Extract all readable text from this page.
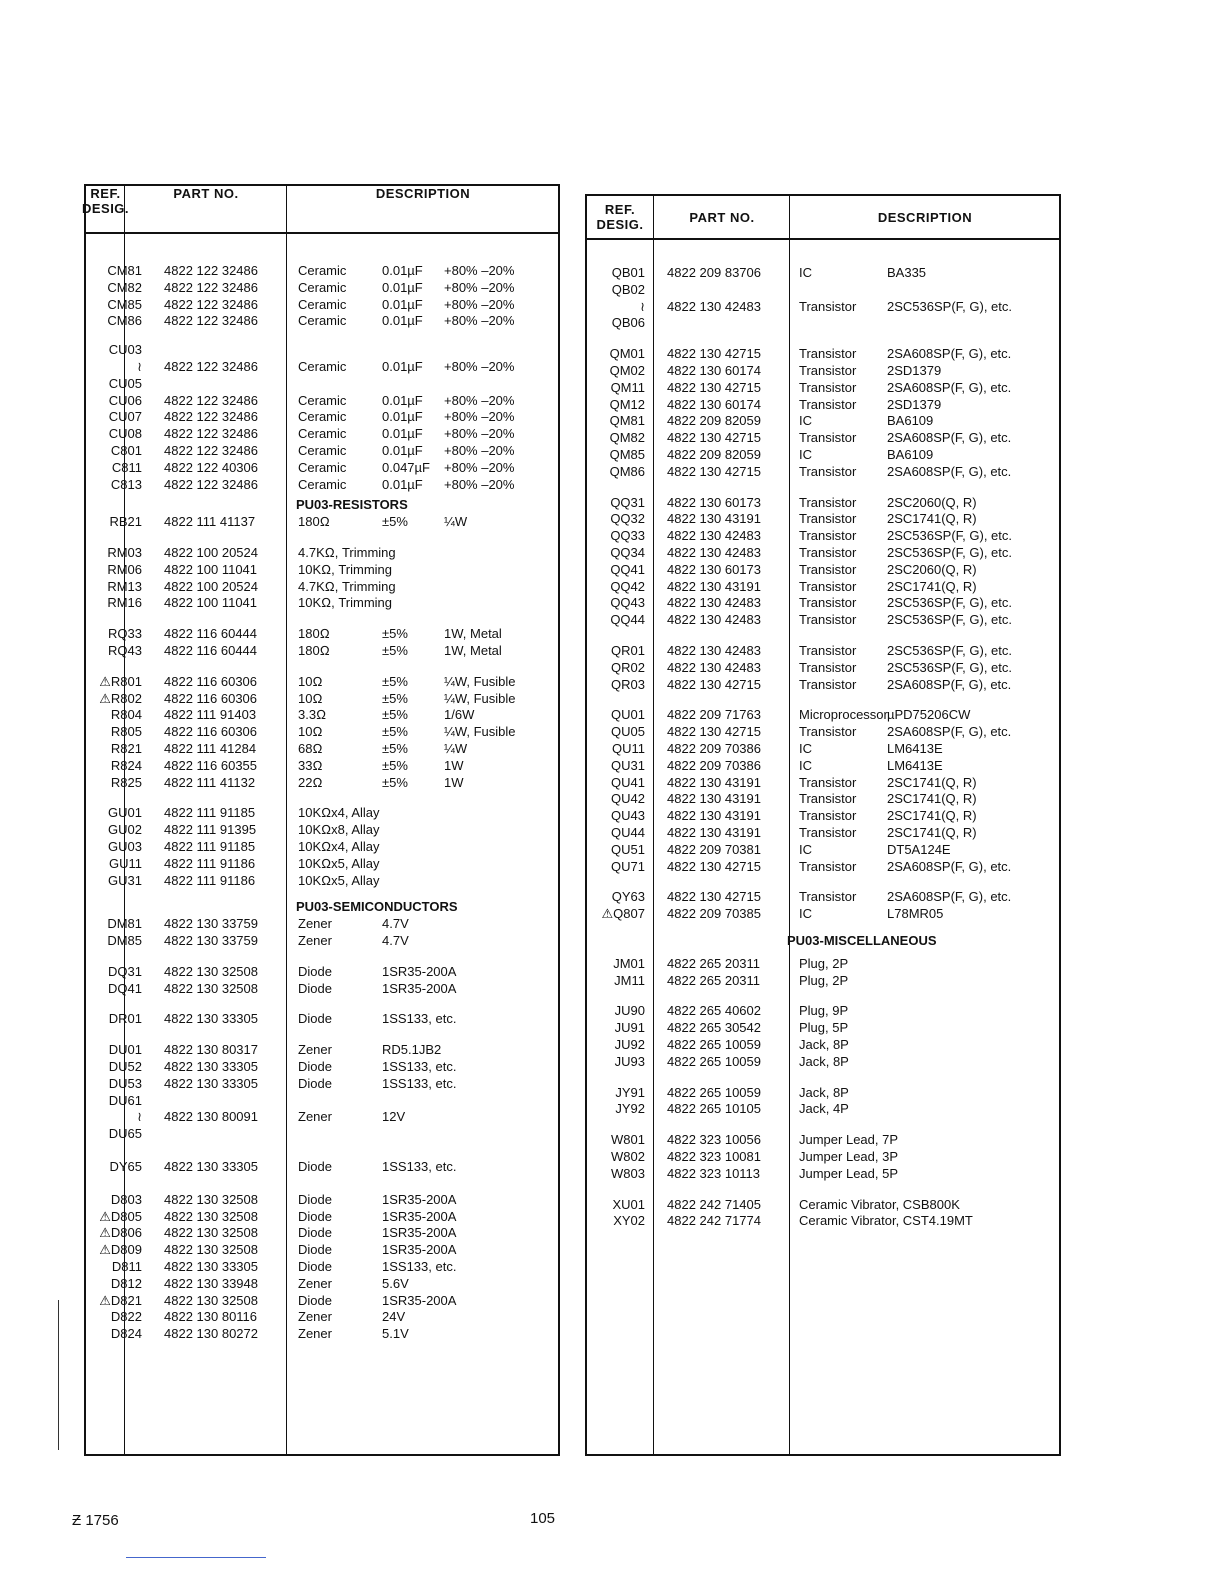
REF.
DESIG.
PART NO.	DESCRIPTION
CM81 4822 122 32486	Ceramic	0.01µF +80% –20%
CM82 4822 122 32486	Ceramic	0.01µF +80% –20%
CM85 4822 122 32486	Ceramic	0.01µF +80% –20%
CM86 4822 122 32486	Ceramic	0.01µF +80% –20%
CU03
≀ 4822 122 32486	Ceramic	0.01µF +80% –20%
CU05
CU06 4822 122 32486	Ceramic	0.01µF +80% –20%
CU07 4822 122 32486	Ceramic	0.01µF +80% –20%
CU08 4822 122 32486	Ceramic	0.01µF +80% –20%
C801 4822 122 32486	Ceramic	0.01µF +80% –20%
C811 4822 122 40306	Ceramic	0.047µF +80% –20%
C813 4822 122 32486	Ceramic	0.01µF +80% –20%
PU03-RESISTORS
RB21 4822 111 41137	180Ω	±5%	¼W
RM03 4822 100 20524	4.7KΩ, Trimming
RM06 4822 100 11041	10KΩ, Trimming
RM13 4822 100 20524	4.7KΩ, Trimming
RM16 4822 100 11041	10KΩ, Trimming
RQ33 4822 116 60444	180Ω	±5%	1W, Metal
RQ43 4822 116 60444	180Ω	±5%	1W, Metal
⚠R801 4822 116 60306	10Ω	±5%	¼W, Fusible
⚠R802 4822 116 60306	10Ω	±5%	¼W, Fusible
R804 4822 111 91403	3.3Ω	±5%	1/6W
R805 4822 116 60306	10Ω	±5%	¼W, Fusible
R821 4822 111 41284	68Ω	±5%	¼W
R824 4822 116 60355	33Ω	±5%	1W
R825 4822 111 41132	22Ω	±5%	1W
GU01 4822 111 91185	10KΩx4, Allay
GU02 4822 111 91395	10KΩx8, Allay
GU03 4822 111 91185	10KΩx4, Allay
GU11 4822 111 91186	10KΩx5, Allay
GU31 4822 111 91186	10KΩx5, Allay
PU03-SEMICONDUCTORS
DM81 4822 130 33759	Zener	4.7V
DM85 4822 130 33759	Zener	4.7V
DQ31 4822 130 32508	Diode	1SR35-200A
DQ41 4822 130 32508	Diode	1SR35-200A
DR01 4822 130 33305	Diode	1SS133, etc.
DU01 4822 130 80317	Zener	RD5.1JB2
DU52 4822 130 33305	Diode	1SS133, etc.
DU53 4822 130 33305	Diode	1SS133, etc.
DU61
≀ 4822 130 80091	Zener	12V
DU65
DY65 4822 130 33305	Diode	1SS133, etc.
D803 4822 130 32508	Diode	1SR35-200A
⚠D805 4822 130 32508	Diode	1SR35-200A
⚠D806 4822 130 32508	Diode	1SR35-200A
⚠D809 4822 130 32508	Diode	1SR35-200A
D811 4822 130 33305	Diode	1SS133, etc.
D812 4822 130 33948	Zener	5.6V
⚠D821 4822 130 32508	Diode	1SR35-200A
D822 4822 130 80116	Zener	24V
D824 4822 130 80272	Zener	5.1V
REF.
DESIG.	PART NO.	DESCRIPTION
QB01 4822 209 83706	IC	BA335
QB02
≀ 4822 130 42483	Transistor 2SC536SP(F, G), etc.
QB06
QM01 4822 130 42715	Transistor 2SA608SP(F, G), etc.
QM02 4822 130 60174	Transistor 2SD1379
QM11 4822 130 42715	Transistor 2SA608SP(F, G), etc.
QM12 4822 130 60174	Transistor 2SD1379
QM81 4822 209 82059	IC	BA6109
QM82 4822 130 42715	Transistor 2SA608SP(F, G), etc.
QM85 4822 209 82059	IC	BA6109
QM86 4822 130 42715	Transistor 2SA608SP(F, G), etc.
QQ31 4822 130 60173	Transistor 2SC2060(Q, R)
QQ32 4822 130 43191	Transistor 2SC1741(Q, R)
QQ33 4822 130 42483	Transistor 2SC536SP(F, G), etc.
QQ34 4822 130 42483	Transistor 2SC536SP(F, G), etc.
QQ41 4822 130 60173	Transistor 2SC2060(Q, R)
QQ42 4822 130 43191	Transistor 2SC1741(Q, R)
QQ43 4822 130 42483	Transistor 2SC536SP(F, G), etc.
QQ44 4822 130 42483	Transistor 2SC536SP(F, G), etc.
QR01 4822 130 42483	Transistor 2SC536SP(F, G), etc.
QR02 4822 130 42483	Transistor 2SC536SP(F, G), etc.
QR03 4822 130 42715	Transistor 2SA608SP(F, G), etc.
QU01 4822 209 71763	Microprocessor µPD75206CW
QU05 4822 130 42715	Transistor 2SA608SP(F, G), etc.
QU11 4822 209 70386	IC	LM6413E
QU31 4822 209 70386	IC	LM6413E
QU41 4822 130 43191	Transistor 2SC1741(Q, R)
QU42 4822 130 43191	Transistor 2SC1741(Q, R)
QU43 4822 130 43191	Transistor 2SC1741(Q, R)
QU44 4822 130 43191	Transistor 2SC1741(Q, R)
QU51 4822 209 70381	IC	DT5A124E
QU71 4822 130 42715	Transistor 2SA608SP(F, G), etc.
QY63 4822 130 42715	Transistor 2SA608SP(F, G), etc.
⚠Q807 4822 209 70385	IC	L78MR05
PU03-MISCELLANEOUS
JM01 4822 265 20311	Plug, 2P
JM11 4822 265 20311	Plug, 2P
JU90 4822 265 40602	Plug, 9P
JU91 4822 265 30542	Plug, 5P
JU92 4822 265 10059	Jack, 8P
JU93 4822 265 10059	Jack, 8P
JY91 4822 265 10059	Jack, 8P
JY92 4822 265 10105	Jack, 4P
W801 4822 323 10056	Jumper Lead, 7P
W802 4822 323 10081	Jumper Lead, 3P
W803 4822 323 10113	Jumper Lead, 5P
XU01 4822 242 71405	Ceramic Vibrator, CSB800K
XY02 4822 242 71774	Ceramic Vibrator, CST4.19MT
Ƶ 1756	105
